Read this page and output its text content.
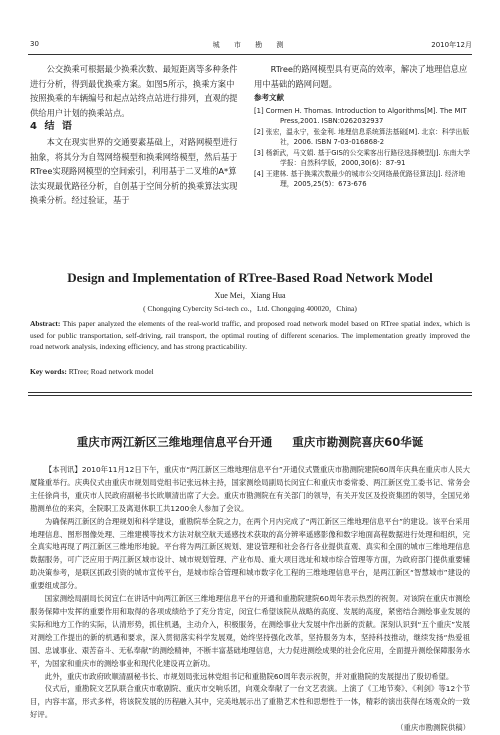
30	城 市 勘 测	2010年12月

公交换乘可根据最少换乘次数、最短距离等多种条件进行分析，得到最优换乘方案。如图5所示，换乘方案中按照换乘的车辆编号和起点站终点站进行排列，直观的提供给用户计划的换乘站点。

4 结 语

本文在现实世界的交通要素基础上，对路网模型进行抽象，将其分为自驾网络模型和换乘网络模型，然后基于RTree实现路网模型的空间索引，利用基于二叉堆的A*算法实现最优路径分析，自创基于空间分析的换乘算法实现换乘分析。经过验证，基于

RTree的路网模型具有更高的效率，解决了地理信息应用中基础的路网问题。

参考文献

[1] Cormen H. Thomas. Introduction to Algorithms[M]. The MIT Press,2001. ISBN:0262032937

[2] 张宏，温永宁，张金利. 地理信息系统算法基础[M]. 北京：科学出版社，2006. ISBN 7-03-016868-2

[3] 杨新武，马文娟. 基于GIS的公交乘客出行路径选择模型[J]. 东南大学学报：自然科学版，2000,30(6)：87-91

[4] 王建林. 基于换乘次数最少的城市公交网络最优路径算法[J]. 经济地理，2005,25(5)：673-676

Design and Implementation of RTree-Based Road Network Model
Xue Mei，Xiang Hua
( Chongqing Cybercity Sci-tech co.，Ltd. Chongqing 400020，China)
Abstract: This paper analyzed the elements of the real-world traffic, and proposed road network model based on RTree spatial index, which is used for public transportation, self-driving, rail transport, the optimal routing of different scenarios. The implementation greatly improved the road network analysis, indexing efficiency, and has strong practicability.
Key words: RTree; Road network model
重庆市两江新区三维地理信息平台开通 重庆市勘测院喜庆60华诞

【本刊讯】2010年11月12日下午，重庆市“两江新区三维地理信息平台”开通仪式暨重庆市勘测院建院60周年庆典在重庆市人民大厦隆重举行。庆典仪式由重庆市规划局党组书记张远林主持，国家测绘局副局长闵宜仁和重庆市委常委、两江新区党工委书记、常务会主任徐尚书，重庆市人民政府副秘书长欧顺清出席了大会。重庆市勘测院在有关部门的领导，有关开发区及投资集团的领导，全国兄弟勘测单位的来宾，全院职工及离退休职工共1200余人参加了会议。

为确保两江新区的合理规划和科学建设，重勘院举全院之力，在两个月内完成了“两江新区三维地理信息平台”的建设。该平台采用地理信息、图形图像处理、三维建模等技术方法对航空航天遥感技术获取的高分辨率遥感影像和数字地面高程数据进行处理和组织，完全真实地再现了两江新区三维地形地貌。平台将为两江新区规划、建设管理和社会各行各业提供直观、真实和全面的城市三维地理信息数据服务，可广泛应用于两江新区城市设计、城市规划管理、产业布局、重大项目选址和城市综合管理等方面，为政府部门提供重要辅助决策参考，是联区抓政引资的城市宣传平台，是城市综合管理和城市数字化工程的三维地理信息平台，是两江新区“智慧城市”建设的重要组成部分。

国家测绘局副局长闵宜仁在讲话中向两江新区三维地理信息平台的开通和重勘院建院60周年表示热烈的祝贺。对该院在重庆市测绘服务保障中发挥的重要作用和取得的各项成绩给予了充分肯定，闵宜仁希望该院从战略的高度、发展的高度，紧密结合测绘事业发展的实际和地方工作的实际，认清形势，抓住机遇，主动介入，积极服务，在测绘事业大发展中作出新的贡献。深刻认识到“五个重庆”发展对测绘工作提出的新的机遇和要求，深入贯彻落实科学发展观，始终坚持强化改革，坚持服务为本，坚持科技推动，继续发扬“热爱祖国、忠诚事业、艰苦奋斗、无私奉献”的测绘精神，不断丰富基础地理信息，大力促进测绘成果的社会化应用，全面提升测绘保障服务水平，为国家和重庆市的测绘事业和现代化建设再立新功。

此外，重庆市政府欧顺清副秘书长、市规划局张远林党组书记和重勘院60周年表示祝贺，并对重勘院的发展提出了殷切希望。

仪式后，重勘院文艺队联合重庆市歌剧院、重庆市交响乐团，向观众奉献了一台文艺表演。上演了《工地节奏》、《利剑》等12个节目，内容丰富，形式多样，将该院发展的历程融入其中，完美地展示出了重勘艺术性和思想性于一体，精彩的演出获得在场观众的一致好评。

（重庆市勘测院供稿）
